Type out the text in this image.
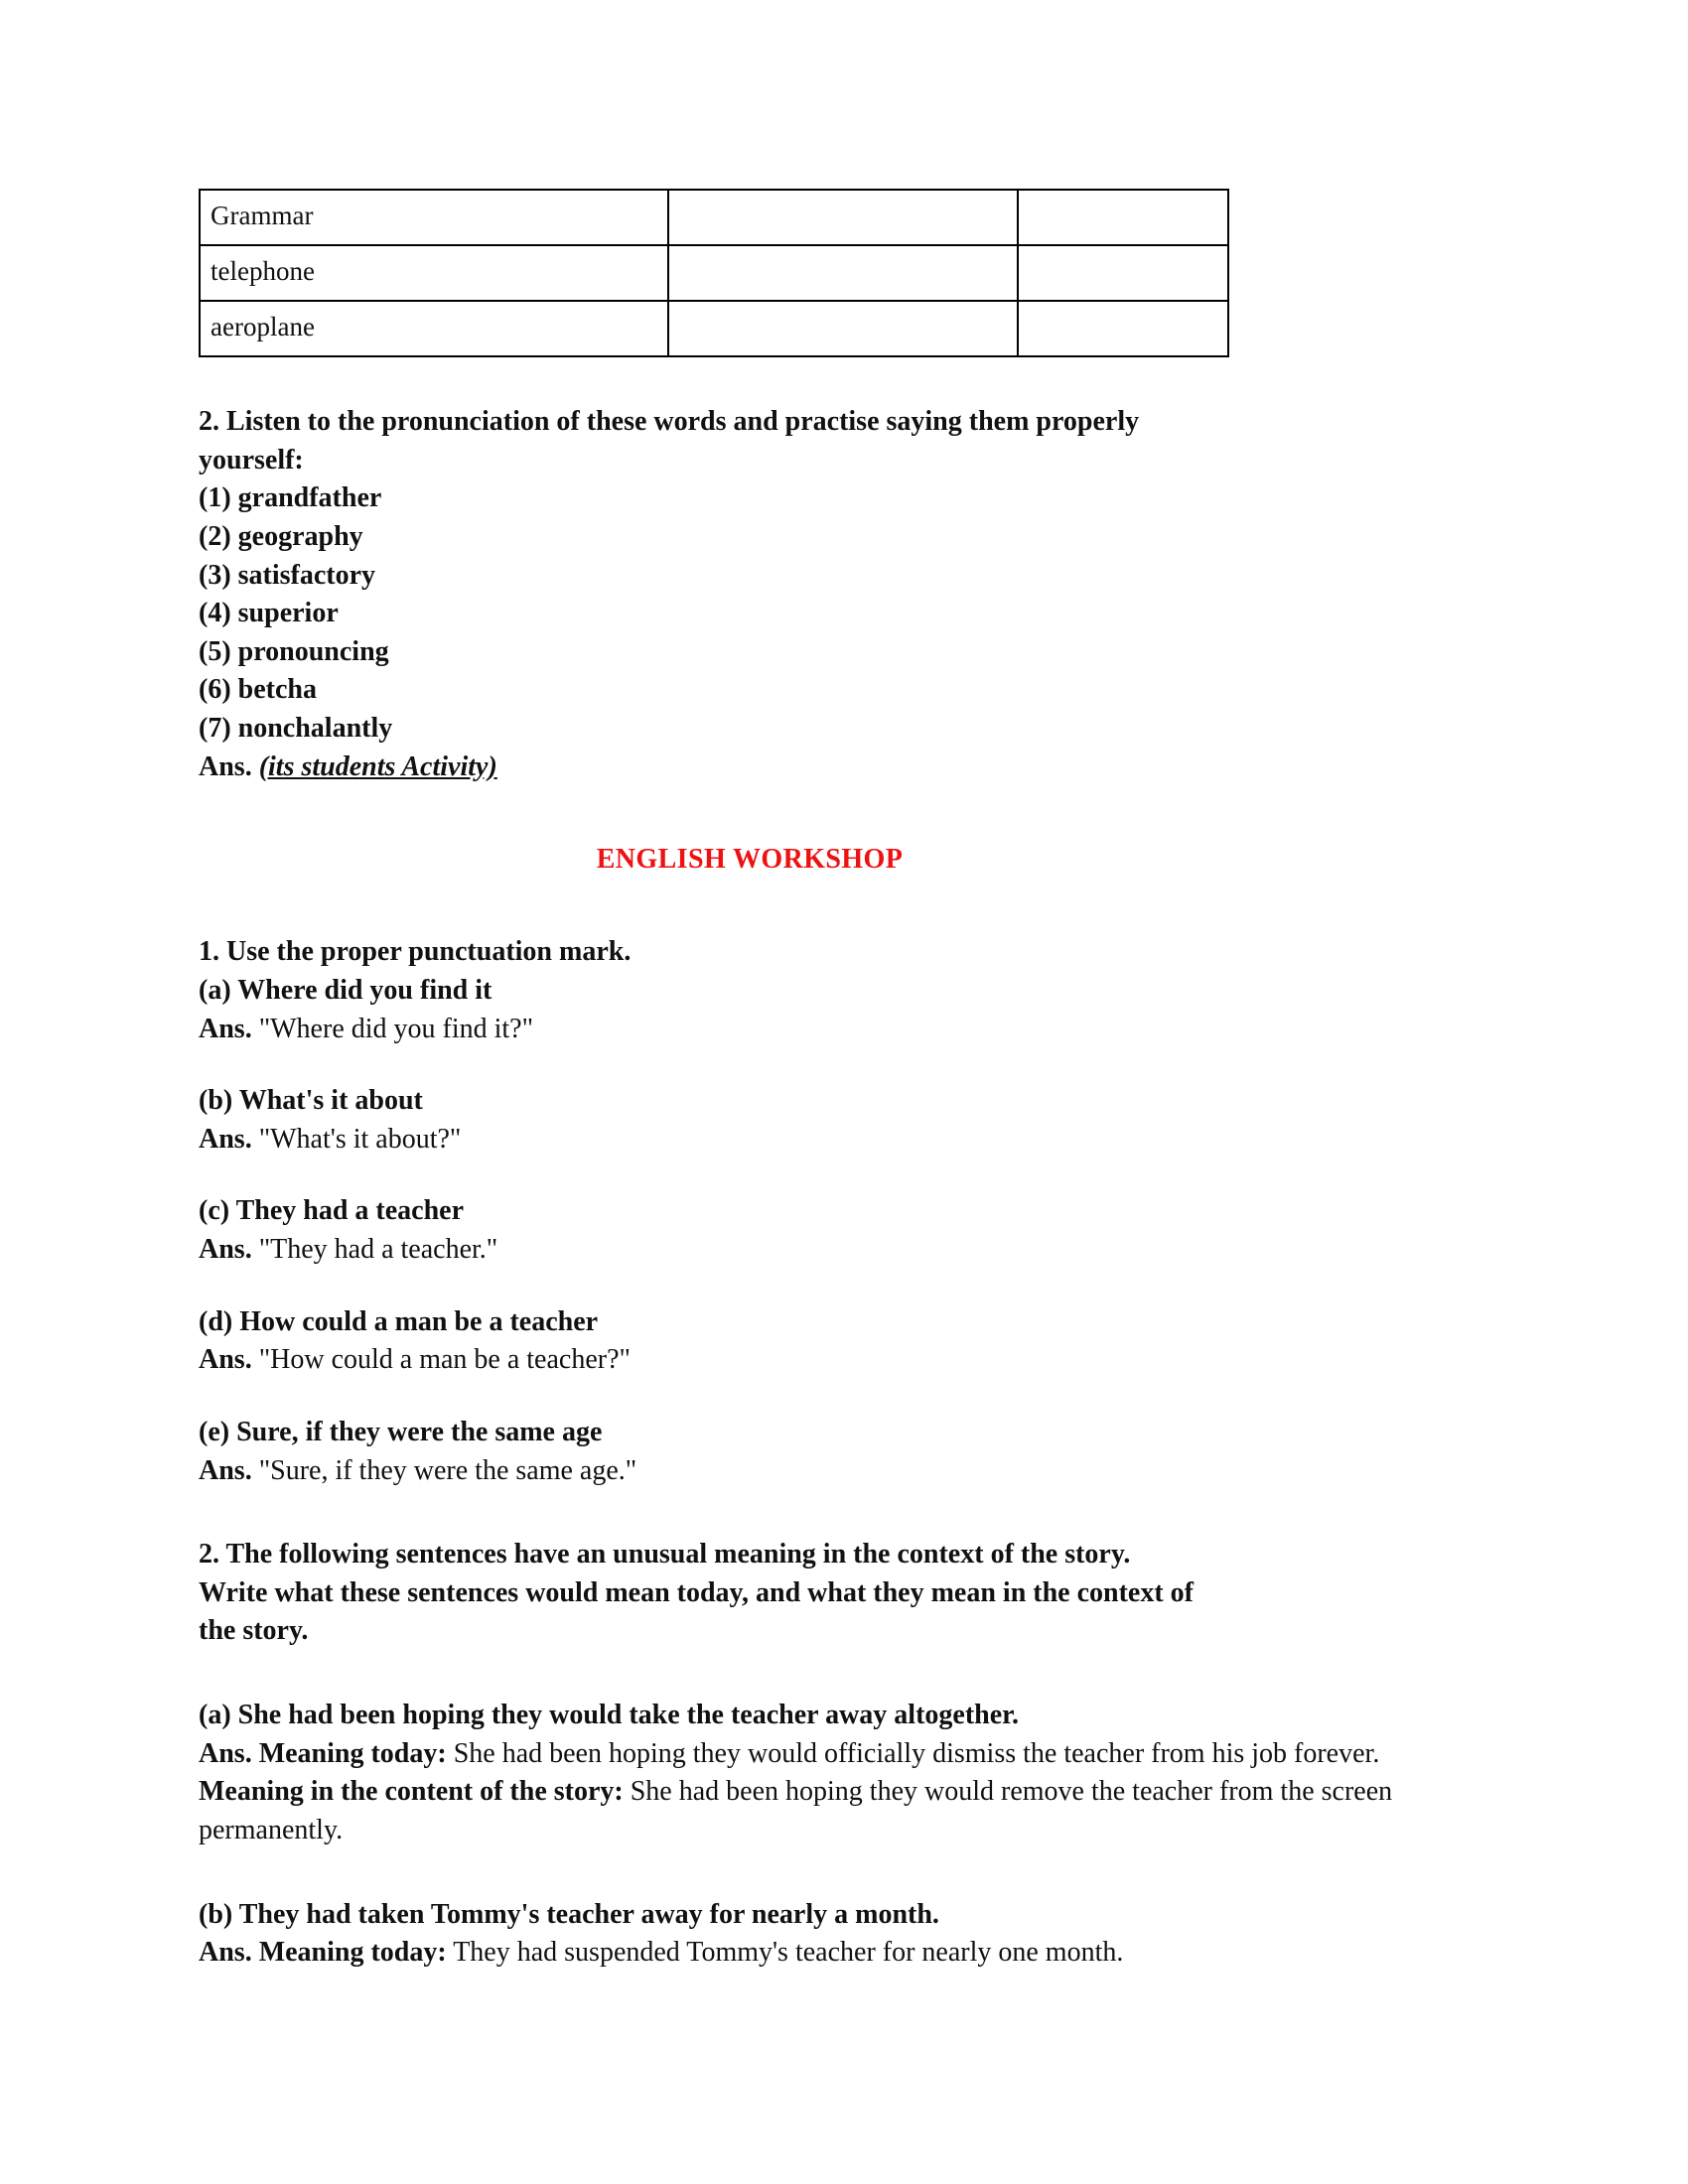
Grammar		
telephone		
aeroplane		

2. Listen to the pronunciation of these words and practise saying them properly

yourself:

(1) grandfather

(2) geography

(3) satisfactory

(4) superior

(5) pronouncing

(6) betcha

(7) nonchalantly

Ans. (its students Activity)

ENGLISH WORKSHOP

1. Use the proper punctuation mark.

(a) Where did you find it

Ans. "Where did you find it?"

(b) What's it about

Ans. "What's it about?"

(c) They had a teacher

Ans. "They had a teacher."

(d) How could a man be a teacher

Ans. "How could a man be a teacher?"

(e) Sure, if they were the same age

Ans. "Sure, if they were the same age."

2. The following sentences have an unusual meaning in the context of the story.

Write what these sentences would mean today, and what they mean in the context of

the story.

(a) She had been hoping they would take the teacher away altogether.

Ans. Meaning today: She had been hoping they would officially dismiss the teacher from his job forever.

Meaning in the content of the story: She had been hoping they would remove the teacher from the screen permanently.

(b) They had taken Tommy's teacher away for nearly a month.

Ans. Meaning today: They had suspended Tommy's teacher for nearly one month.
